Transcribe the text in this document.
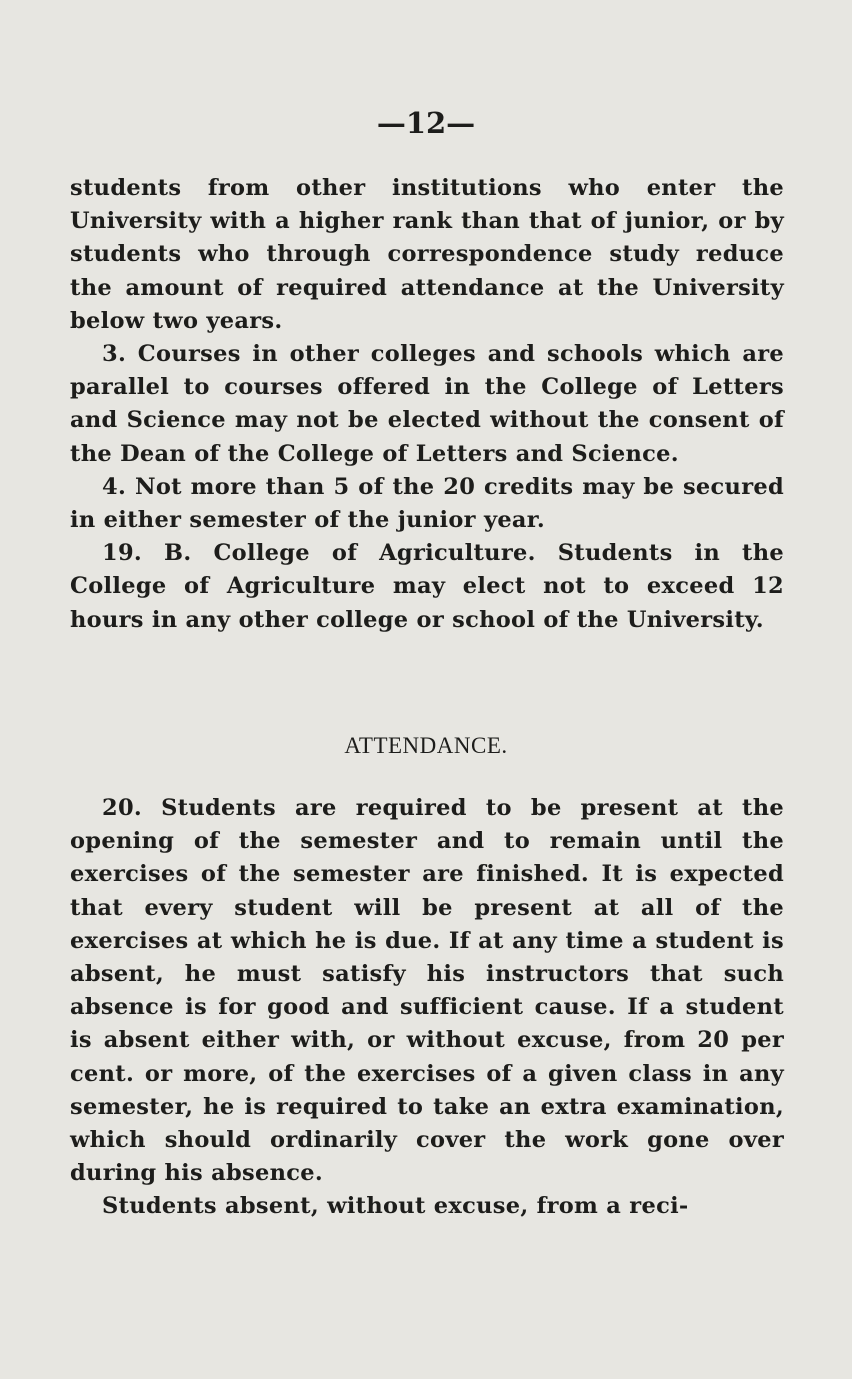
—12—

students from other institutions who enter the University with a higher rank than that of junior, or by students who through correspondence study reduce the amount of required attendance at the University below two years.

3. Courses in other colleges and schools which are parallel to courses offered in the College of Letters and Science may not be elected without the consent of the Dean of the College of Letters and Science.

4. Not more than 5 of the 20 credits may be secured in either semester of the junior year.

19. B. College of Agriculture. Students in the College of Agriculture may elect not to exceed 12 hours in any other college or school of the University.

ATTENDANCE.

20. Students are required to be present at the opening of the semester and to remain until the exercises of the semester are finished. It is expected that every student will be present at all of the exercises at which he is due. If at any time a student is absent, he must satisfy his instructors that such absence is for good and sufficient cause. If a student is absent either with, or without excuse, from 20 per cent. or more, of the exercises of a given class in any semester, he is required to take an extra examination, which should ordinarily cover the work gone over during his absence.

Students absent, without excuse, from a reci-
